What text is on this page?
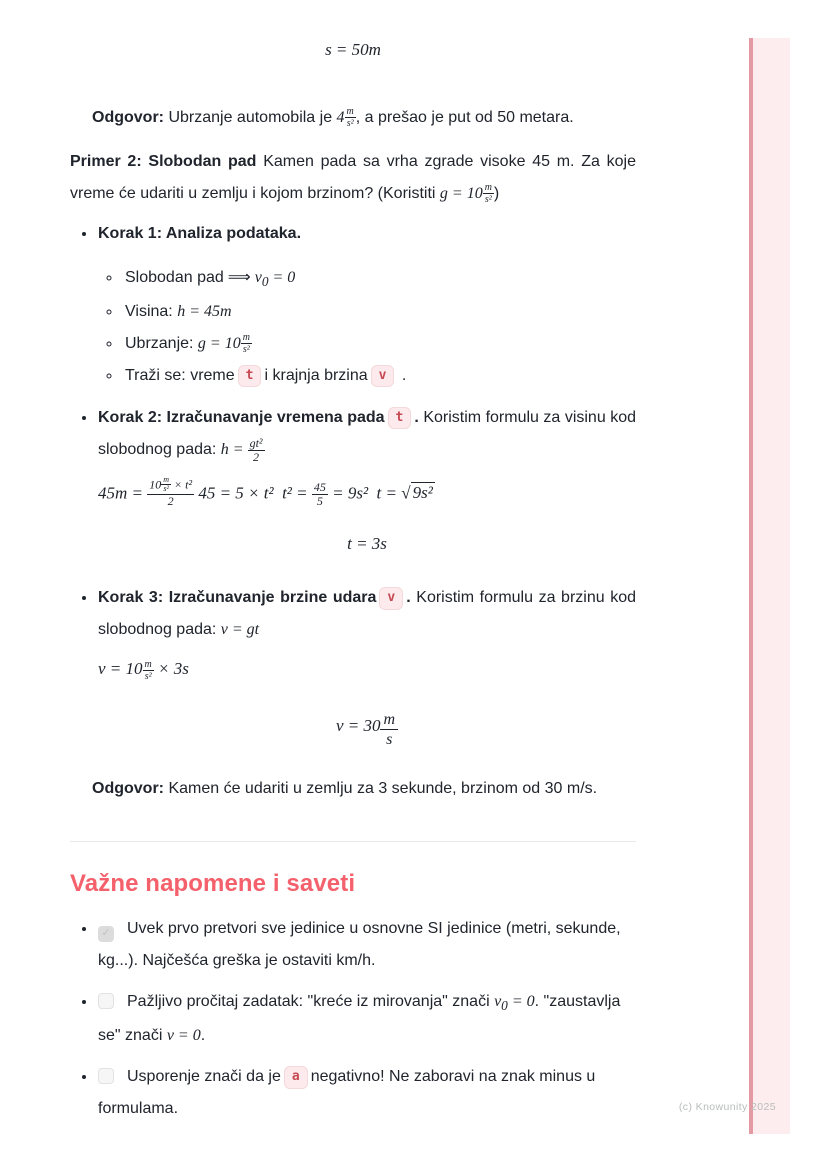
(c) Knowunity 2025
s = 50m

Odgovor: Ubrzanje automobila je $4 \frac{m}{\text{s²}}$ , a prešao je put od 50 metara.

Primer 2: Slobodan pad Kamen pada sa vrha zgrade visoke 45 m. Za koje vreme će udariti u zemlju i kojom brzinom? (Koristiti $g = 10 \frac{m}{\text{s²}}$ )

• Korak 1: Analiza podataka.
◦ Slobodan pad ⟹ $v_0 = 0$
◦ Visina: h = 45m
◦ Ubrzanje: $g = 10 \frac{m}{\text{s²}}$
◦ Traži se: vreme t i krajnja brzina v .
• Korak 2: Izračunavanje vremena pada t . Koristim formulu za visinu kod slobodnog pada: $h = \frac{\text{gt²}}{2}$
$45m = \frac{10 \frac{m}{\text{s²}} \times t^2}{2} 45 = 5 \times t^2$  $t^2 = \frac{45}{5} = 9s^2$  t = √ 9s²
t = 3s
• Korak 3: Izračunavanje brzine udara v . Koristim formulu za brzinu kod slobodnog pada: v = gt
$v = 10 \frac{m}{\text{s²}} \times 3s$
$v = 30 \frac{m}{s}$

Odgovor: Kamen će udariti u zemlju za 3 sekunde, brzinom od 30 m/s.

Važne napomene i saveti
• ✓ Uvek prvo pretvori sve jedinice u osnovne SI jedinice (metri, sekunde, kg...). Najčešća greška je ostaviti km/h.
• Pažljivo pročitaj zadatak: "kreće iz mirovanja" znači $v_0 = 0$. "zaustavlja se" znači v = 0.
• Usporenje znači da je a negativno! Ne zaboravi na znak minus u formulama.
